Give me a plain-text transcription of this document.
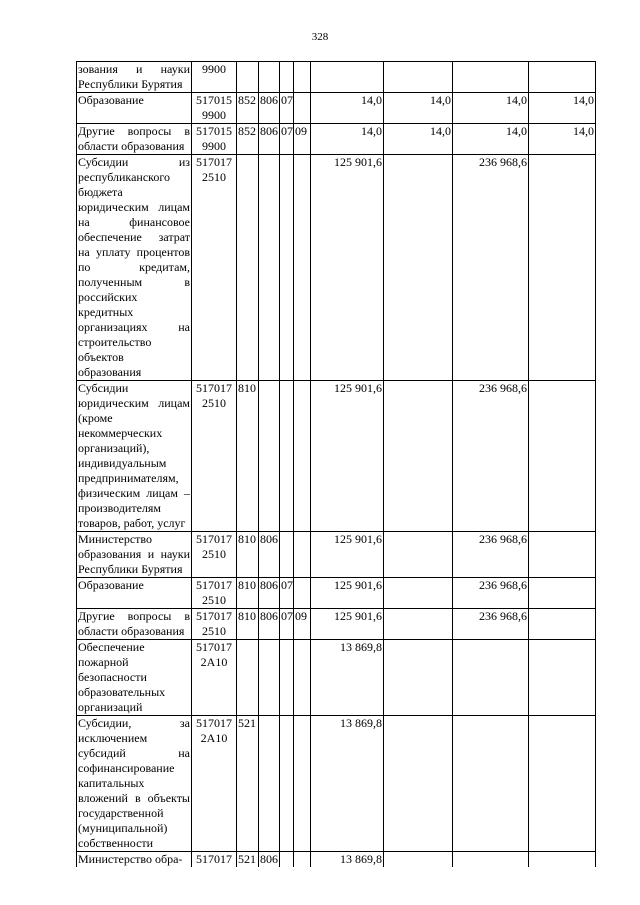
328
зования и науки Республики Бурятия	9900								
Образование	517015 9900	852	806	07		14,0	14,0	14,0	14,0
Другие вопросы в области образования	517015 9900	852	806	07	09	14,0	14,0	14,0	14,0
Субсидии из республиканского бюджета юридическим лицам на финансовое обеспечение затрат на уплату процентов по кредитам, полученным в российских кредитных организациях на строительство объектов образования	517017 2510					125 901,6		236 968,6	
Субсидии юридическим лицам (кроме некоммерческих организаций), индивидуальным предпринимателям, физическим лицам – производителям товаров, работ, услуг	517017 2510	810				125 901,6		236 968,6	
Министерство образования и науки Республики Бурятия	517017 2510	810	806			125 901,6		236 968,6	
Образование	517017 2510	810	806	07		125 901,6		236 968,6	
Другие вопросы в области образования	517017 2510	810	806	07	09	125 901,6		236 968,6	
Обеспечение пожарной безопасности образовательных организаций	517017 2А10					13 869,8			
Субсидии, за исключением субсидий на софинансирование капитальных вложений в объекты государственной (муниципальной) собственности	517017 2А10	521				13 869,8			
Министерство обра-	517017	521	806			13 869,8			
